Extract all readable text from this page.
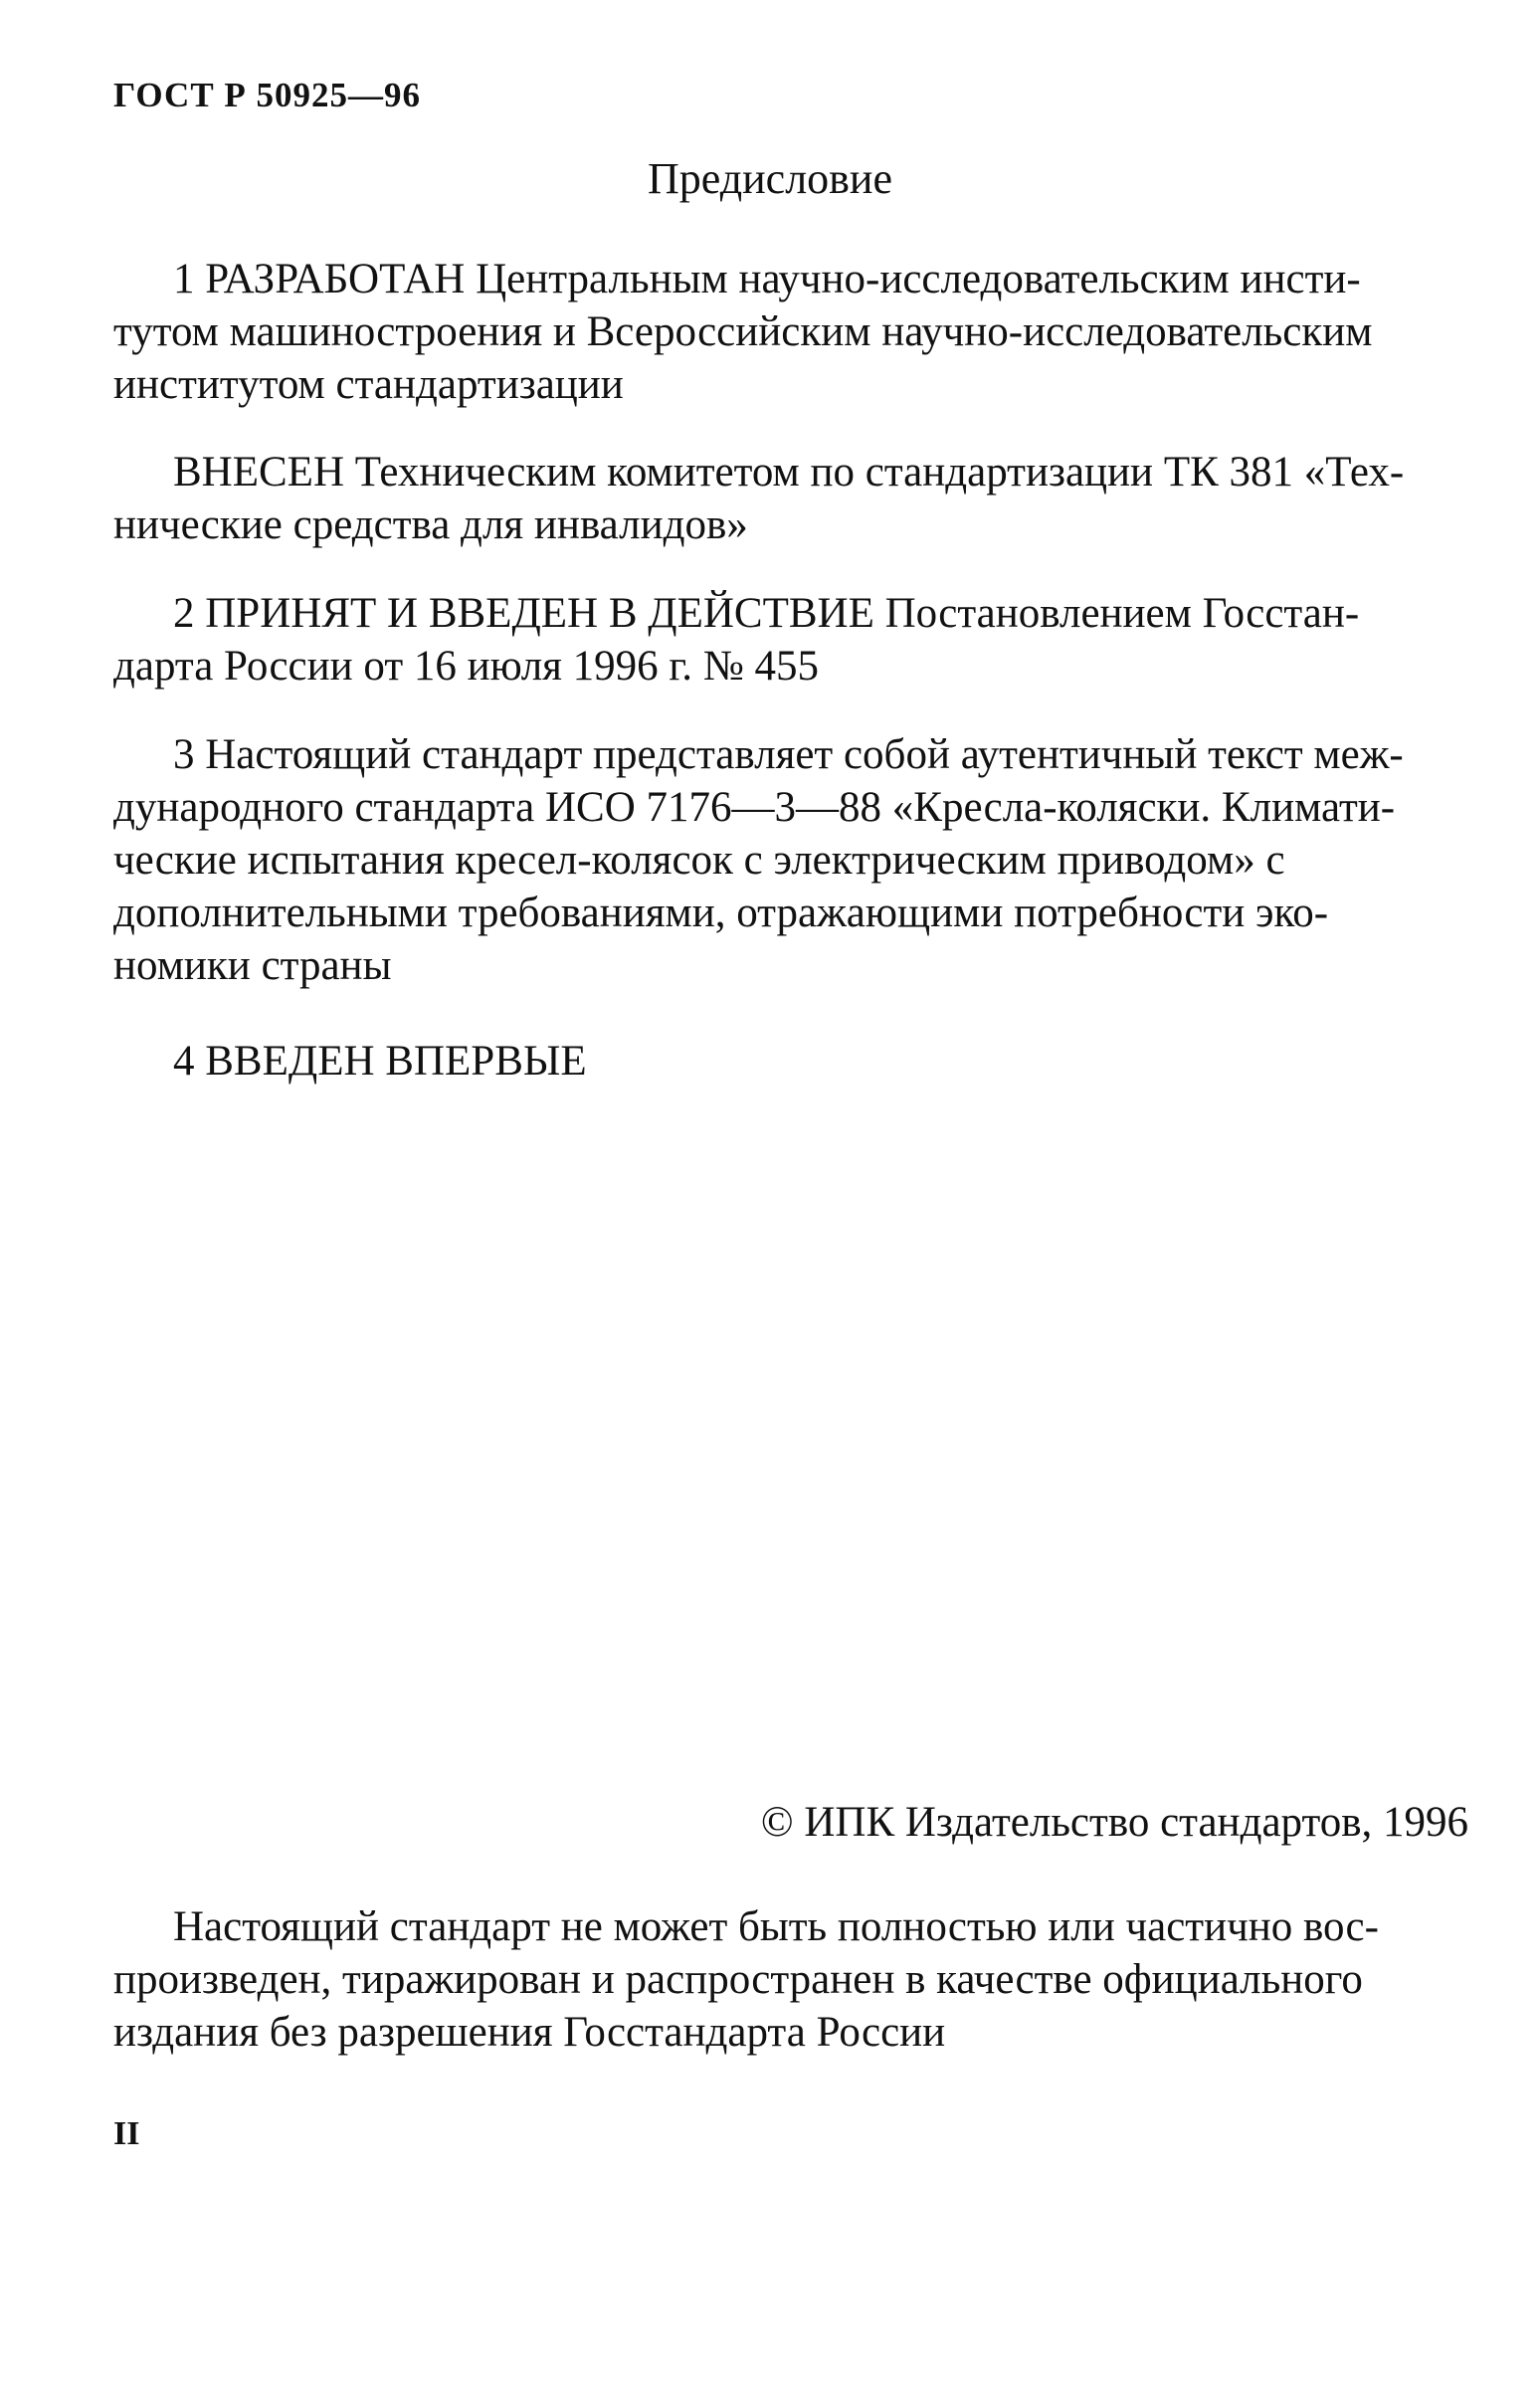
ГОСТ Р 50925—96
Предисловие
1 РАЗРАБОТАН Центральным научно-исследовательским инсти-
тутом машиностроения и Всероссийским научно-исследовательским
институтом стандартизации
ВНЕСЕН Техническим комитетом по стандартизации ТК 381 «Тех-
нические средства для инвалидов»
2 ПРИНЯТ И ВВЕДЕН В ДЕЙСТВИЕ Постановлением Госстан-
дарта России от 16 июля 1996 г. № 455
3 Настоящий стандарт представляет собой аутентичный текст меж-
дународного стандарта ИСО 7176—3—88 «Кресла-коляски. Климати-
ческие испытания кресел-колясок с электрическим приводом» с
дополнительными требованиями, отражающими потребности эко-
номики страны
4 ВВЕДЕН ВПЕРВЫЕ
© ИПК Издательство стандартов, 1996
Настоящий стандарт не может быть полностью или частично вос-
произведен, тиражирован и распространен в качестве официального
издания без разрешения Госстандарта России
II
